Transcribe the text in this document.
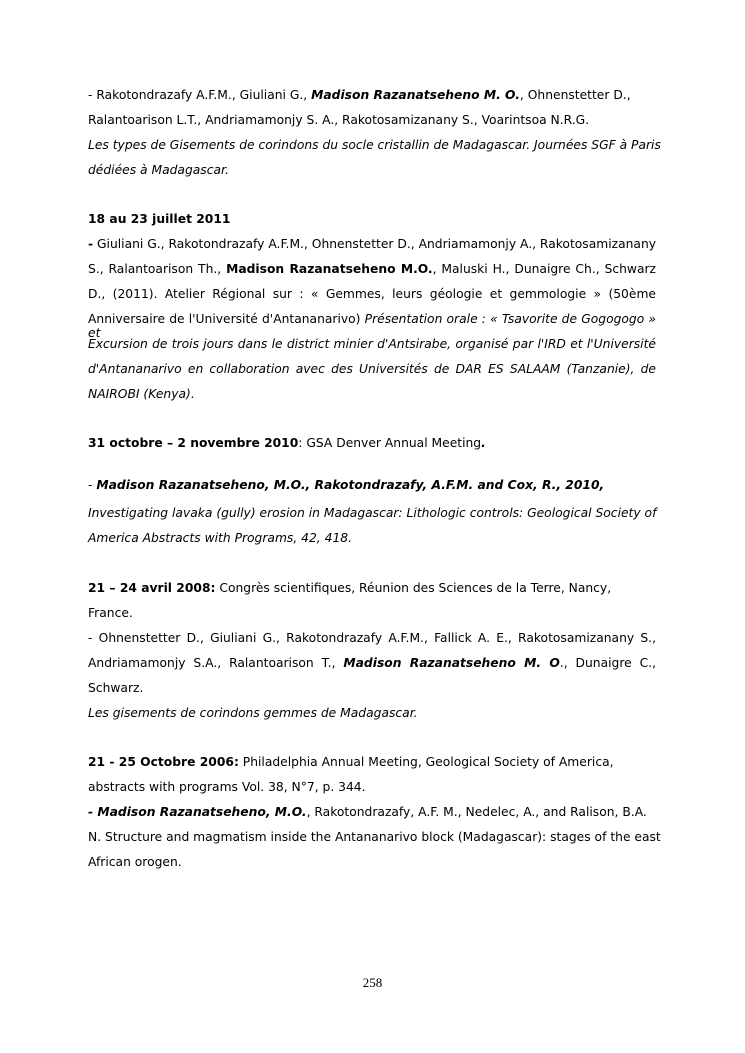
- Rakotondrazafy A.F.M., Giuliani G., Madison Razanatseheno M. O., Ohnenstetter D.,
Ralantoarison L.T., Andriamamonjy S. A., Rakotosamizanany S., Voarintsoa N.R.G.
Les types de Gisements de corindons du socle cristallin de Madagascar. Journées SGF à Paris
dédiées à Madagascar.
18 au 23 juillet 2011
- Giuliani G., Rakotondrazafy A.F.M., Ohnenstetter D., Andriamamonjy A., Rakotosamizanany
S., Ralantoarison Th., Madison Razanatseheno M.O., Maluski H., Dunaigre Ch., Schwarz
D., (2011). Atelier Régional sur : « Gemmes, leurs géologie et gemmologie » (50ème
Anniversaire de l'Université d'Antananarivo) Présentation orale : « Tsavorite de Gogogogo » et
Excursion de trois jours dans le district minier d'Antsirabe, organisé par l'IRD et l'Université
d'Antananarivo en collaboration avec des Universités de DAR ES SALAAM (Tanzanie), de
NAIROBI (Kenya).
31 octobre – 2 novembre 2010: GSA Denver Annual Meeting.
- Madison Razanatseheno, M.O., Rakotondrazafy, A.F.M. and Cox, R., 2010,
Investigating lavaka (gully) erosion in Madagascar: Lithologic controls: Geological Society of
America Abstracts with Programs, 42, 418.
21 – 24 avril 2008: Congrès scientifiques, Réunion des Sciences de la Terre, Nancy,
France.
- Ohnenstetter D., Giuliani G., Rakotondrazafy A.F.M., Fallick A. E., Rakotosamizanany S.,
Andriamamonjy S.A., Ralantoarison T., Madison Razanatseheno M. O., Dunaigre C.,
Schwarz.
Les gisements de corindons gemmes de Madagascar.
21 - 25 Octobre 2006: Philadelphia Annual Meeting, Geological Society of America,
abstracts with programs Vol. 38, N°7, p. 344.
- Madison Razanatseheno, M.O., Rakotondrazafy, A.F. M., Nedelec, A., and Ralison, B.A.
N. Structure and magmatism inside the Antananarivo block (Madagascar): stages of the east
African orogen.
258
